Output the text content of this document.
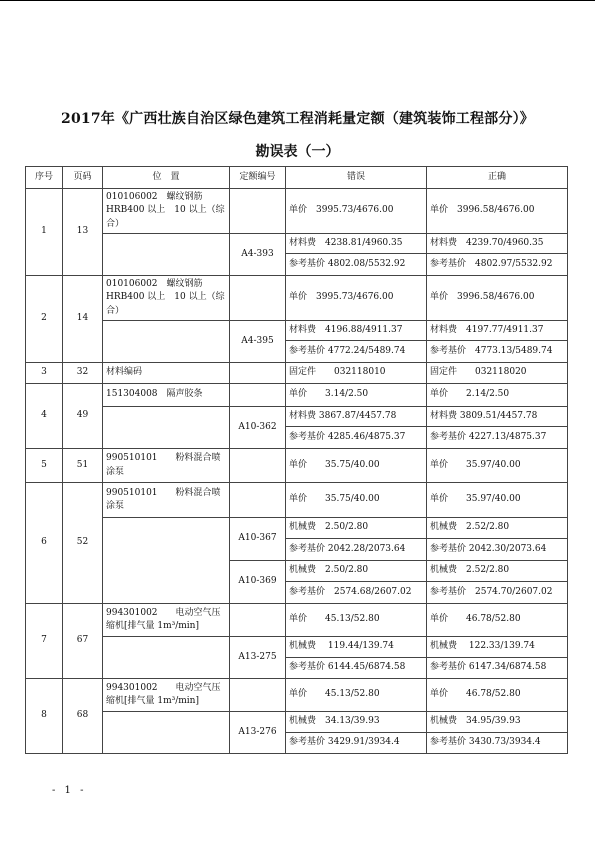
2017年《广西壮族自治区绿色建筑工程消耗量定额（建筑装饰工程部分）》
勘误表（一）
序号	页码	位　置	定额编号	错误	正确
1	13	010106002　螺纹钢筋HRB400 以上　10 以上（综合）		单价　3995.73/4676.00	单价　3996.58/4676.00
			A4-393	材料费　4238.81/4960.35	材料费　4239.70/4960.35
				参考基价 4802.08/5532.92	参考基价　4802.97/5532.92
2	14	010106002　螺纹钢筋HRB400 以上　10 以上（综合）		单价　3995.73/4676.00	单价　3996.58/4676.00
			A4-395	材料费　4196.88/4911.37	材料费　4197.77/4911.37
				参考基价 4772.24/5489.74	参考基价　4773.13/5489.74
3	32	材料编码		固定件　　032118010	固定件　　032118020
4	49	151304008　隔声胶条		单价　　3.14/2.50	单价　　2.14/2.50
			A10-362	材料费 3867.87/4457.78	材料费 3809.51/4457.78
				参考基价 4285.46/4875.37	参考基价 4227.13/4875.37
5	51	990510101　　粉料混合喷涂泵		单价　　35.75/40.00	单价　　35.97/40.00
6	52	990510101　　粉料混合喷涂泵		单价　　35.75/40.00	单价　　35.97/40.00
			A10-367	机械费　2.50/2.80	机械费　2.52/2.80
				参考基价 2042.28/2073.64	参考基价 2042.30/2073.64
			A10-369	机械费　2.50/2.80	机械费　2.52/2.80
				参考基价　2574.68/2607.02	参考基价　2574.70/2607.02
7	67	994301002　　电动空气压缩机[排气量 1m³/min]		单价　　45.13/52.80	单价　　46.78/52.80
			A13-275	机械费　 119.44/139.74	机械费　 122.33/139.74
				参考基价 6144.45/6874.58	参考基价 6147.34/6874.58
8	68	994301002　　电动空气压缩机[排气量 1m³/min]		单价　　45.13/52.80	单价　　46.78/52.80
			A13-276	机械费　34.13/39.93	机械费　34.95/39.93
				参考基价 3429.91/3934.4	参考基价 3430.73/3934.4
- 1 -
